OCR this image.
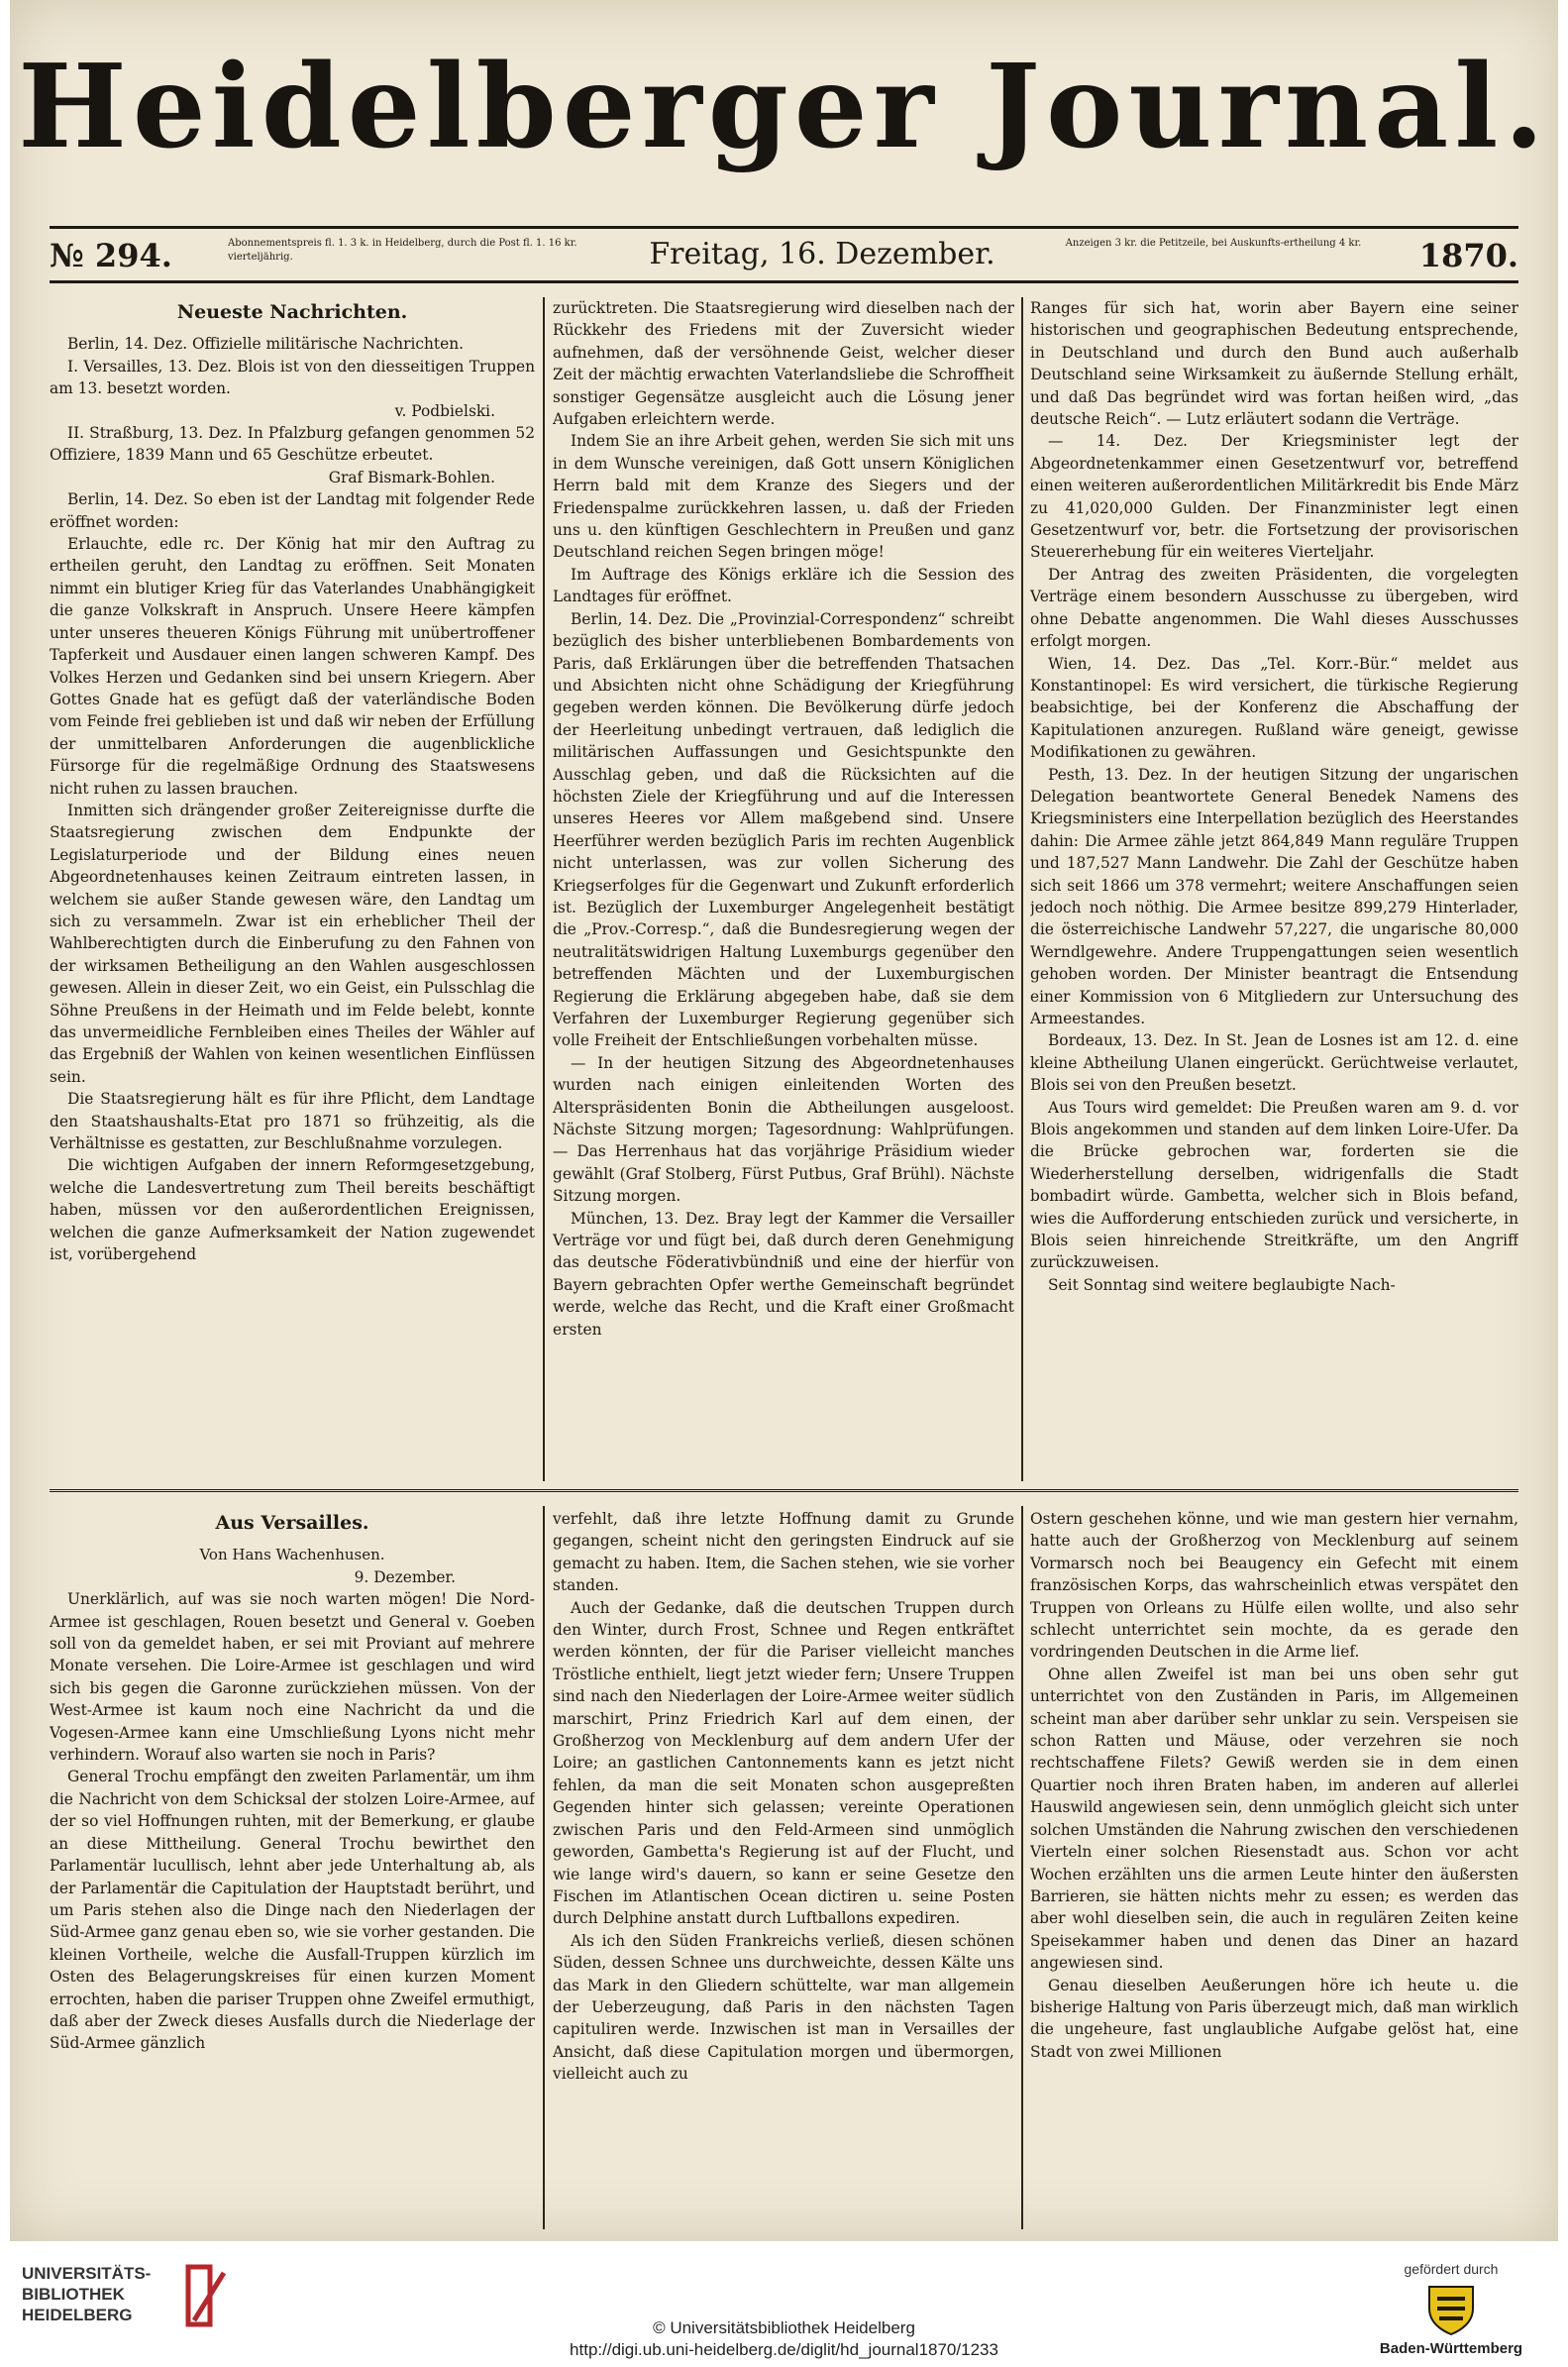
Heidelberger Journal.
№ 294.	Abonnementspreis fl. 1. 3 k. in Heidelberg, durch die Post fl. 1. 16 kr. vierteljährig.	Freitag, 16. Dezember.	Anzeigen 3 kr. die Petitzeile, bei Auskunfts-ertheilung 4 kr.	1870.
Neueste Nachrichten.

Berlin, 14. Dez. Offizielle militärische Nachrichten.

I. Versailles, 13. Dez. Blois ist von den diesseitigen Truppen am 13. besetzt worden.

v. Podbielski.

II. Straßburg, 13. Dez. In Pfalzburg gefangen genommen 52 Offiziere, 1839 Mann und 65 Geschütze erbeutet.

Graf Bismark-Bohlen.

Berlin, 14. Dez. So eben ist der Landtag mit folgender Rede eröffnet worden:

Erlauchte, edle rc. Der König hat mir den Auftrag zu ertheilen geruht, den Landtag zu eröffnen. Seit Monaten nimmt ein blutiger Krieg für das Vaterlandes Unabhängigkeit die ganze Volkskraft in Anspruch. Unsere Heere kämpfen unter unseres theueren Königs Führung mit unübertroffener Tapferkeit und Ausdauer einen langen schweren Kampf. Des Volkes Herzen und Gedanken sind bei unsern Kriegern. Aber Gottes Gnade hat es gefügt daß der vaterländische Boden vom Feinde frei geblieben ist und daß wir neben der Erfüllung der unmittelbaren Anforderungen die augenblickliche Fürsorge für die regelmäßige Ordnung des Staatswesens nicht ruhen zu lassen brauchen.

Inmitten sich drängender großer Zeitereignisse durfte die Staatsregierung zwischen dem Endpunkte der Legislaturperiode und der Bildung eines neuen Abgeordnetenhauses keinen Zeitraum eintreten lassen, in welchem sie außer Stande gewesen wäre, den Landtag um sich zu versammeln. Zwar ist ein erheblicher Theil der Wahlberechtigten durch die Einberufung zu den Fahnen von der wirksamen Betheiligung an den Wahlen ausgeschlossen gewesen. Allein in dieser Zeit, wo ein Geist, ein Pulsschlag die Söhne Preußens in der Heimath und im Felde belebt, konnte das unvermeidliche Fernbleiben eines Theiles der Wähler auf das Ergebniß der Wahlen von keinen wesentlichen Einflüssen sein.

Die Staatsregierung hält es für ihre Pflicht, dem Landtage den Staatshaushalts-Etat pro 1871 so frühzeitig, als die Verhältnisse es gestatten, zur Beschlußnahme vorzulegen.

Die wichtigen Aufgaben der innern Reformgesetzgebung, welche die Landesvertretung zum Theil bereits beschäftigt haben, müssen vor den außerordentlichen Ereignissen, welchen die ganze Aufmerksamkeit der Nation zugewendet ist, vorübergehend

zurücktreten. Die Staatsregierung wird dieselben nach der Rückkehr des Friedens mit der Zuversicht wieder aufnehmen, daß der versöhnende Geist, welcher dieser Zeit der mächtig erwachten Vaterlandsliebe die Schroffheit sonstiger Gegensätze ausgleicht auch die Lösung jener Aufgaben erleichtern werde.

Indem Sie an ihre Arbeit gehen, werden Sie sich mit uns in dem Wunsche vereinigen, daß Gott unsern Königlichen Herrn bald mit dem Kranze des Siegers und der Friedenspalme zurückkehren lassen, u. daß der Frieden uns u. den künftigen Geschlechtern in Preußen und ganz Deutschland reichen Segen bringen möge!

Im Auftrage des Königs erkläre ich die Session des Landtages für eröffnet.

Berlin, 14. Dez. Die „Provinzial-Correspondenz“ schreibt bezüglich des bisher unterbliebenen Bombardements von Paris, daß Erklärungen über die betreffenden Thatsachen und Absichten nicht ohne Schädigung der Kriegführung gegeben werden können. Die Bevölkerung dürfe jedoch der Heerleitung unbedingt vertrauen, daß lediglich die militärischen Auffassungen und Gesichtspunkte den Ausschlag geben, und daß die Rücksichten auf die höchsten Ziele der Kriegführung und auf die Interessen unseres Heeres vor Allem maßgebend sind. Unsere Heerführer werden bezüglich Paris im rechten Augenblick nicht unterlassen, was zur vollen Sicherung des Kriegserfolges für die Gegenwart und Zukunft erforderlich ist. Bezüglich der Luxemburger Angelegenheit bestätigt die „Prov.-Corresp.“, daß die Bundesregierung wegen der neutralitätswidrigen Haltung Luxemburgs gegenüber den betreffenden Mächten und der Luxemburgischen Regierung die Erklärung abgegeben habe, daß sie dem Verfahren der Luxemburger Regierung gegenüber sich volle Freiheit der Entschließungen vorbehalten müsse.

— In der heutigen Sitzung des Abgeordnetenhauses wurden nach einigen einleitenden Worten des Alterspräsidenten Bonin die Abtheilungen ausgeloost. Nächste Sitzung morgen; Tagesordnung: Wahlprüfungen. — Das Herrenhaus hat das vorjährige Präsidium wieder gewählt (Graf Stolberg, Fürst Putbus, Graf Brühl). Nächste Sitzung morgen.

München, 13. Dez. Bray legt der Kammer die Versailler Verträge vor und fügt bei, daß durch deren Genehmigung das deutsche Föderativbündniß und eine der hierfür von Bayern gebrachten Opfer werthe Gemeinschaft begründet werde, welche das Recht, und die Kraft einer Großmacht ersten

Ranges für sich hat, worin aber Bayern eine seiner historischen und geographischen Bedeutung entsprechende, in Deutschland und durch den Bund auch außerhalb Deutschland seine Wirksamkeit zu äußernde Stellung erhält, und daß Das begründet wird was fortan heißen wird, „das deutsche Reich“. — Lutz erläutert sodann die Verträge.

— 14. Dez. Der Kriegsminister legt der Abgeordnetenkammer einen Gesetzentwurf vor, betreffend einen weiteren außerordentlichen Militärkredit bis Ende März zu 41,020,000 Gulden. Der Finanzminister legt einen Gesetzentwurf vor, betr. die Fortsetzung der provisorischen Steuererhebung für ein weiteres Vierteljahr.

Der Antrag des zweiten Präsidenten, die vorgelegten Verträge einem besondern Ausschusse zu übergeben, wird ohne Debatte angenommen. Die Wahl dieses Ausschusses erfolgt morgen.

Wien, 14. Dez. Das „Tel. Korr.-Bür.“ meldet aus Konstantinopel: Es wird versichert, die türkische Regierung beabsichtige, bei der Konferenz die Abschaffung der Kapitulationen anzuregen. Rußland wäre geneigt, gewisse Modifikationen zu gewähren.

Pesth, 13. Dez. In der heutigen Sitzung der ungarischen Delegation beantwortete General Benedek Namens des Kriegsministers eine Interpellation bezüglich des Heerstandes dahin: Die Armee zähle jetzt 864,849 Mann reguläre Truppen und 187,527 Mann Landwehr. Die Zahl der Geschütze haben sich seit 1866 um 378 vermehrt; weitere Anschaffungen seien jedoch noch nöthig. Die Armee besitze 899,279 Hinterlader, die österreichische Landwehr 57,227, die ungarische 80,000 Werndlgewehre. Andere Truppengattungen seien wesentlich gehoben worden. Der Minister beantragt die Entsendung einer Kommission von 6 Mitgliedern zur Untersuchung des Armeestandes.

Bordeaux, 13. Dez. In St. Jean de Losnes ist am 12. d. eine kleine Abtheilung Ulanen eingerückt. Gerüchtweise verlautet, Blois sei von den Preußen besetzt.

Aus Tours wird gemeldet: Die Preußen waren am 9. d. vor Blois angekommen und standen auf dem linken Loire-Ufer. Da die Brücke gebrochen war, forderten sie die Wiederherstellung derselben, widrigenfalls die Stadt bombadirt würde. Gambetta, welcher sich in Blois befand, wies die Aufforderung entschieden zurück und versicherte, in Blois seien hinreichende Streitkräfte, um den Angriff zurückzuweisen.

Seit Sonntag sind weitere beglaubigte Nach-

Aus Versailles.

Von Hans Wachenhusen.

9. Dezember.

Unerklärlich, auf was sie noch warten mögen! Die Nord-Armee ist geschlagen, Rouen besetzt und General v. Goeben soll von da gemeldet haben, er sei mit Proviant auf mehrere Monate versehen. Die Loire-Armee ist geschlagen und wird sich bis gegen die Garonne zurückziehen müssen. Von der West-Armee ist kaum noch eine Nachricht da und die Vogesen-Armee kann eine Umschließung Lyons nicht mehr verhindern. Worauf also warten sie noch in Paris?

General Trochu empfängt den zweiten Parlamentär, um ihm die Nachricht von dem Schicksal der stolzen Loire-Armee, auf der so viel Hoffnungen ruhten, mit der Bemerkung, er glaube an diese Mittheilung. General Trochu bewirthet den Parlamentär lucullisch, lehnt aber jede Unterhaltung ab, als der Parlamentär die Capitulation der Hauptstadt berührt, und um Paris stehen also die Dinge nach den Niederlagen der Süd-Armee ganz genau eben so, wie sie vorher gestanden. Die kleinen Vortheile, welche die Ausfall-Truppen kürzlich im Osten des Belagerungskreises für einen kurzen Moment errochten, haben die pariser Truppen ohne Zweifel ermuthigt, daß aber der Zweck dieses Ausfalls durch die Niederlage der Süd-Armee gänzlich

verfehlt, daß ihre letzte Hoffnung damit zu Grunde gegangen, scheint nicht den geringsten Eindruck auf sie gemacht zu haben. Item, die Sachen stehen, wie sie vorher standen.

Auch der Gedanke, daß die deutschen Truppen durch den Winter, durch Frost, Schnee und Regen entkräftet werden könnten, der für die Pariser vielleicht manches Tröstliche enthielt, liegt jetzt wieder fern; Unsere Truppen sind nach den Niederlagen der Loire-Armee weiter südlich marschirt, Prinz Friedrich Karl auf dem einen, der Großherzog von Mecklenburg auf dem andern Ufer der Loire; an gastlichen Cantonnements kann es jetzt nicht fehlen, da man die seit Monaten schon ausgepreßten Gegenden hinter sich gelassen; vereinte Operationen zwischen Paris und den Feld-Armeen sind unmöglich geworden, Gambetta's Regierung ist auf der Flucht, und wie lange wird's dauern, so kann er seine Gesetze den Fischen im Atlantischen Ocean dictiren u. seine Posten durch Delphine anstatt durch Luftballons expediren.

Als ich den Süden Frankreichs verließ, diesen schönen Süden, dessen Schnee uns durchweichte, dessen Kälte uns das Mark in den Gliedern schüttelte, war man allgemein der Ueberzeugung, daß Paris in den nächsten Tagen capituliren werde. Inzwischen ist man in Versailles der Ansicht, daß diese Capitulation morgen und übermorgen, vielleicht auch zu

Ostern geschehen könne, und wie man gestern hier vernahm, hatte auch der Großherzog von Mecklenburg auf seinem Vormarsch noch bei Beaugency ein Gefecht mit einem französischen Korps, das wahrscheinlich etwas verspätet den Truppen von Orleans zu Hülfe eilen wollte, und also sehr schlecht unterrichtet sein mochte, da es gerade den vordringenden Deutschen in die Arme lief.

Ohne allen Zweifel ist man bei uns oben sehr gut unterrichtet von den Zuständen in Paris, im Allgemeinen scheint man aber darüber sehr unklar zu sein. Verspeisen sie schon Ratten und Mäuse, oder verzehren sie noch rechtschaffene Filets? Gewiß werden sie in dem einen Quartier noch ihren Braten haben, im anderen auf allerlei Hauswild angewiesen sein, denn unmöglich gleicht sich unter solchen Umständen die Nahrung zwischen den verschiedenen Vierteln einer solchen Riesenstadt aus. Schon vor acht Wochen erzählten uns die armen Leute hinter den äußersten Barrieren, sie hätten nichts mehr zu essen; es werden das aber wohl dieselben sein, die auch in regulären Zeiten keine Speisekammer haben und denen das Diner an hazard angewiesen sind.

Genau dieselben Aeußerungen höre ich heute u. die bisherige Haltung von Paris überzeugt mich, daß man wirklich die ungeheure, fast unglaubliche Aufgabe gelöst hat, eine Stadt von zwei Millionen

UNIVERSITÄTS-
BIBLIOTHEK
HEIDELBERG
© Universitätsbibliothek Heidelberg
http://digi.ub.uni-heidelberg.de/diglit/hd_journal1870/1233
gefördert durch
Baden-Württemberg
